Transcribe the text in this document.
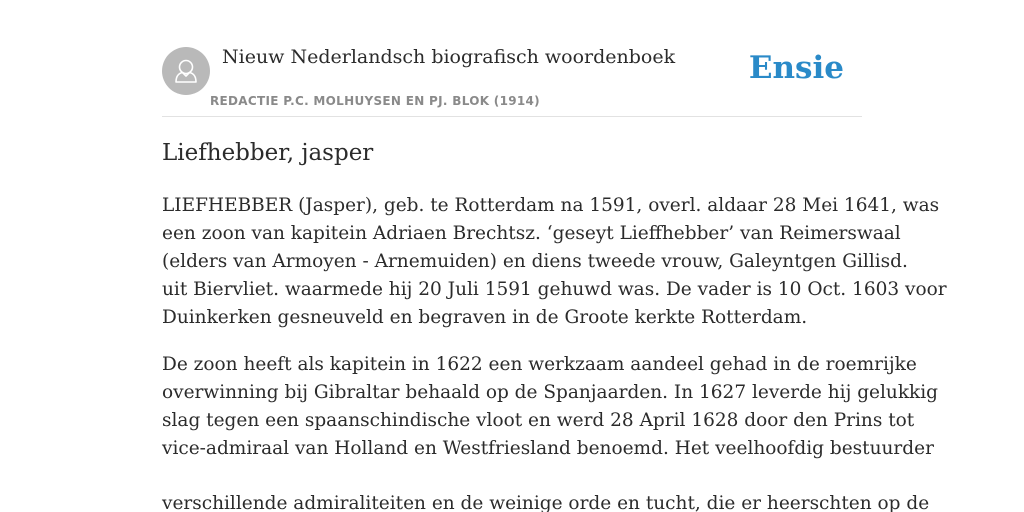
Nieuw Nederlandsch biografisch woordenboek
REDACTIE P.C. MOLHUYSEN EN PJ. BLOK (1914)
Ensie
Liefhebber, jasper
LIEFHEBBER (Jasper), geb. te Rotterdam na 1591, overl. aldaar 28 Mei 1641, was
een zoon van kapitein Adriaen Brechtsz. ‘geseyt Lieffhebber’ van Reimerswaal
(elders van Armoyen - Arnemuiden) en diens tweede vrouw, Galeyntgen Gillisd.
uit Biervliet. waarmede hij 20 Juli 1591 gehuwd was. De vader is 10 Oct. 1603 voor
Duinkerken gesneuveld en begraven in de Groote kerkte Rotterdam.
De zoon heeft als kapitein in 1622 een werkzaam aandeel gehad in de roemrijke
overwinning bij Gibraltar behaald op de Spanjaarden. In 1627 leverde hij gelukkig
slag tegen een spaanschindische vloot en werd 28 April 1628 door den Prins tot
vice-admiraal van Holland en Westfriesland benoemd. Het veelhoofdig bestuurder
verschillende admiraliteiten en de weinige orde en tucht, die er heerschten op de
